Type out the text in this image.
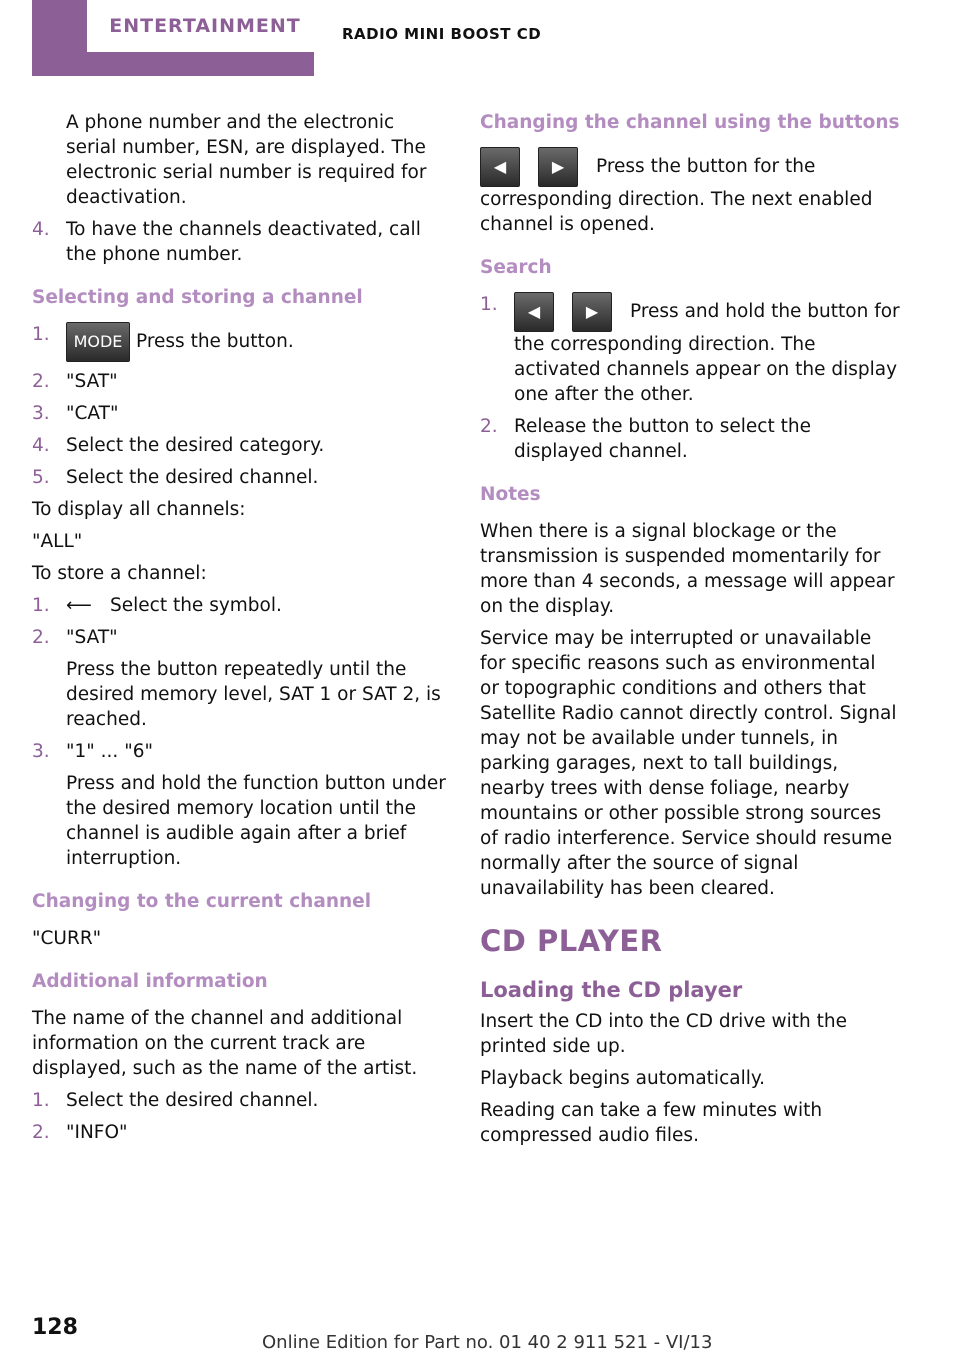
ENTERTAINMENT	RADIO MINI BOOST CD

A phone number and the electronic serial number, ESN, are displayed. The electronic serial number is required for deactivation.

4. To have the channels deactivated, call the phone number.
Selecting and storing a channel
1. MODE Press the button.
2. "SAT"
3. "CAT"
4. Select the desired category.
5. Select the desired channel.

To display all channels:

"ALL"

To store a channel:

1. ⟵ Select the symbol.
2. "SAT"
Press the button repeatedly until the desired memory level, SAT 1 or SAT 2, is reached.
3. "1" ... "6"
Press and hold the function button under the desired memory location until the channel is audible again after a brief interruption.
Changing to the current channel

"CURR"

Additional information

The name of the channel and additional information on the current track are displayed, such as the name of the artist.

1. Select the desired channel.
2. "INFO"
Changing the channel using the buttons

◀	▶ Press the button for the corresponding direction. The next enabled channel is opened.

Search
1. ◀	▶ Press and hold the button for the corresponding direction. The activated channels appear on the display one after the other.
2. Release the button to select the displayed channel.
Notes

When there is a signal blockage or the transmission is suspended momentarily for more than 4 seconds, a message will appear on the display.

Service may be interrupted or unavailable for specific reasons such as environmental or topographic conditions and others that Satellite Radio cannot directly control. Signal may not be available under tunnels, in parking garages, next to tall buildings, nearby trees with dense foliage, nearby mountains or other possible strong sources of radio interference. Service should resume normally after the source of signal unavailability has been cleared.

CD PLAYER
Loading the CD player

Insert the CD into the CD drive with the printed side up.

Playback begins automatically.

Reading can take a few minutes with compressed audio files.

128
Online Edition for Part no. 01 40 2 911 521 - VI/13
